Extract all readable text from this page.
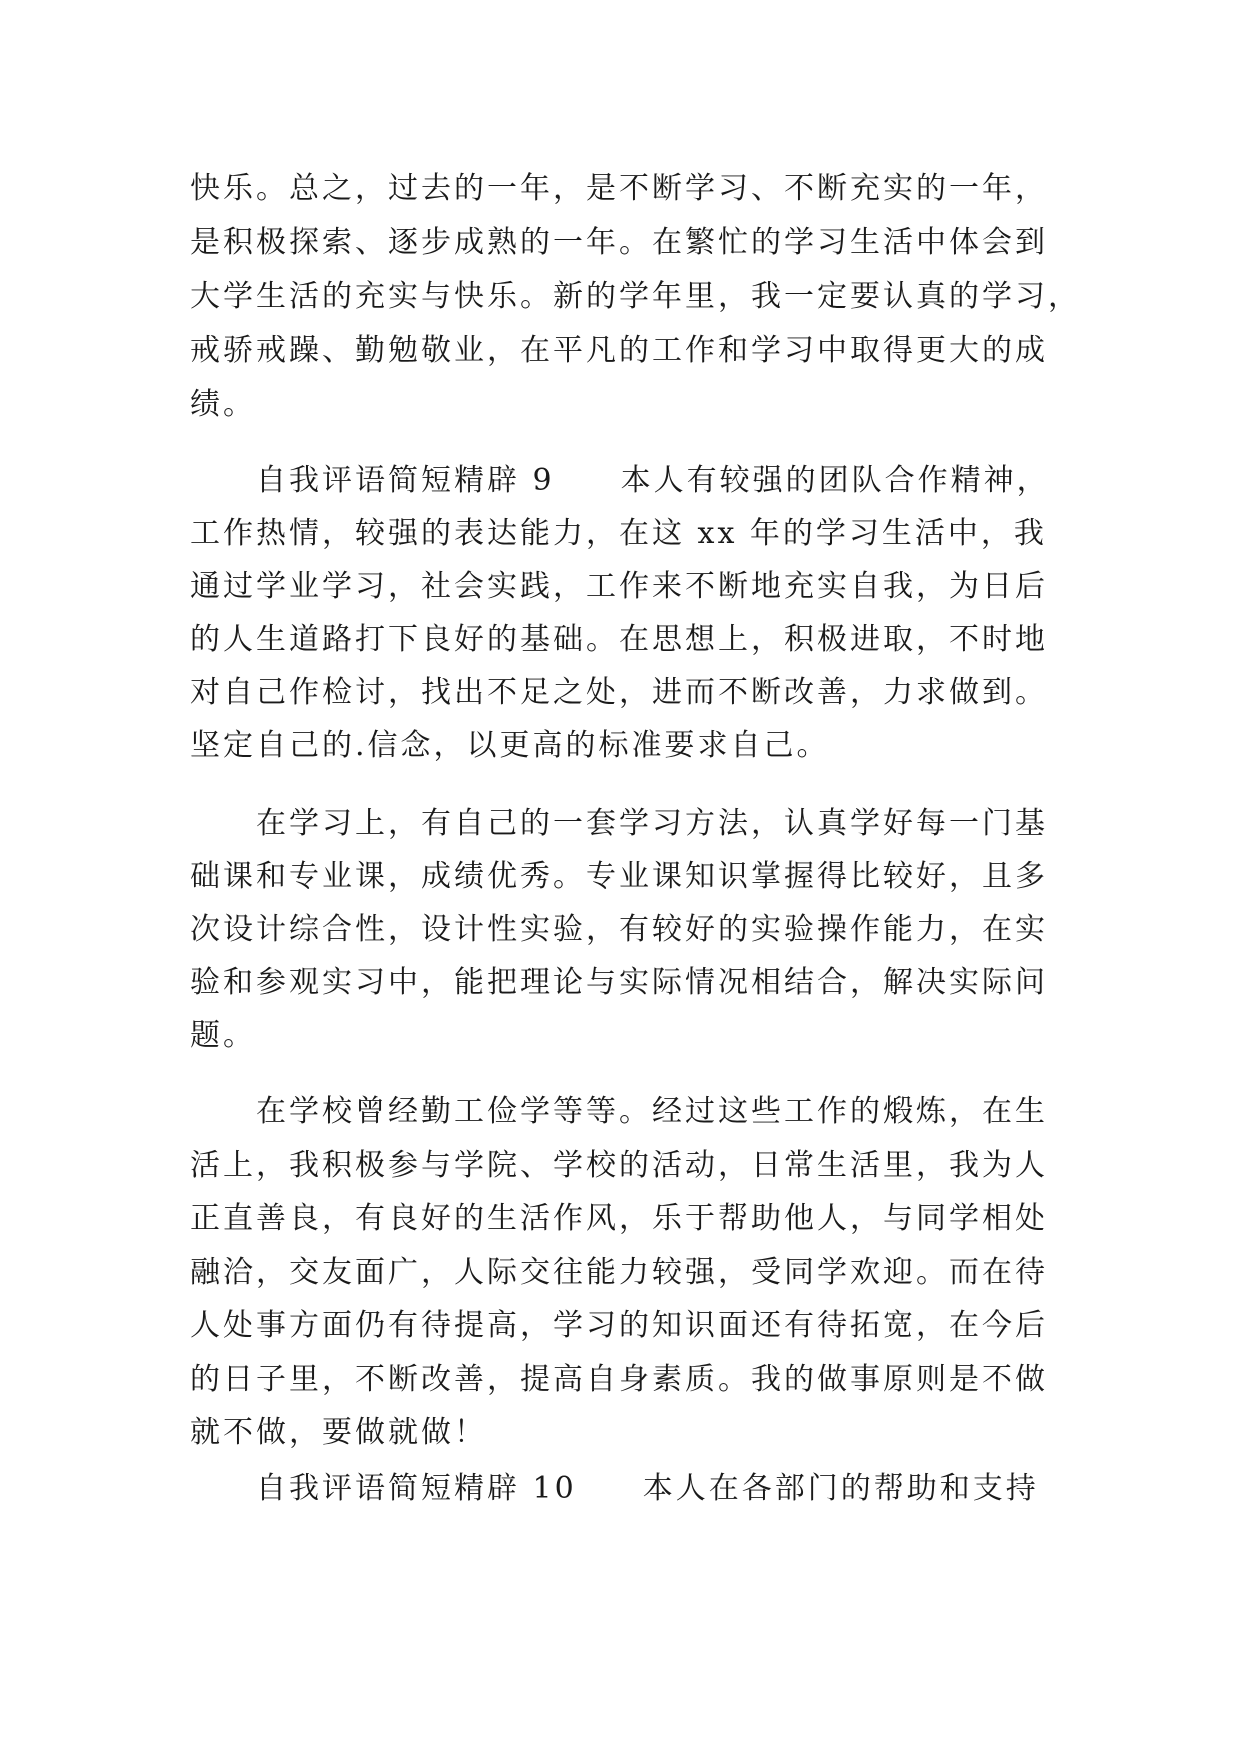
快乐。总之，过去的一年，是不断学习、不断充实的一年，
是积极探索、逐步成熟的一年。在繁忙的学习生活中体会到
大学生活的充实与快乐。新的学年里，我一定要认真的学习，
戒骄戒躁、勤勉敬业，在平凡的工作和学习中取得更大的成
绩。
自我评语简短精辟 9　　本人有较强的团队合作精神，
工作热情，较强的表达能力，在这 xx 年的学习生活中，我
通过学业学习，社会实践，工作来不断地充实自我，为日后
的人生道路打下良好的基础。在思想上，积极进取，不时地
对自己作检讨，找出不足之处，进而不断改善，力求做到。
坚定自己的.信念，以更高的标准要求自己。
在学习上，有自己的一套学习方法，认真学好每一门基
础课和专业课，成绩优秀。专业课知识掌握得比较好，且多
次设计综合性，设计性实验，有较好的实验操作能力，在实
验和参观实习中，能把理论与实际情况相结合，解决实际问
题。
在学校曾经勤工俭学等等。经过这些工作的煅炼，在生
活上，我积极参与学院、学校的活动，日常生活里，我为人
正直善良，有良好的生活作风，乐于帮助他人，与同学相处
融洽，交友面广，人际交往能力较强，受同学欢迎。而在待
人处事方面仍有待提高，学习的知识面还有待拓宽，在今后
的日子里，不断改善，提高自身素质。我的做事原则是不做
就不做，要做就做！
自我评语简短精辟 10　　本人在各部门的帮助和支持
